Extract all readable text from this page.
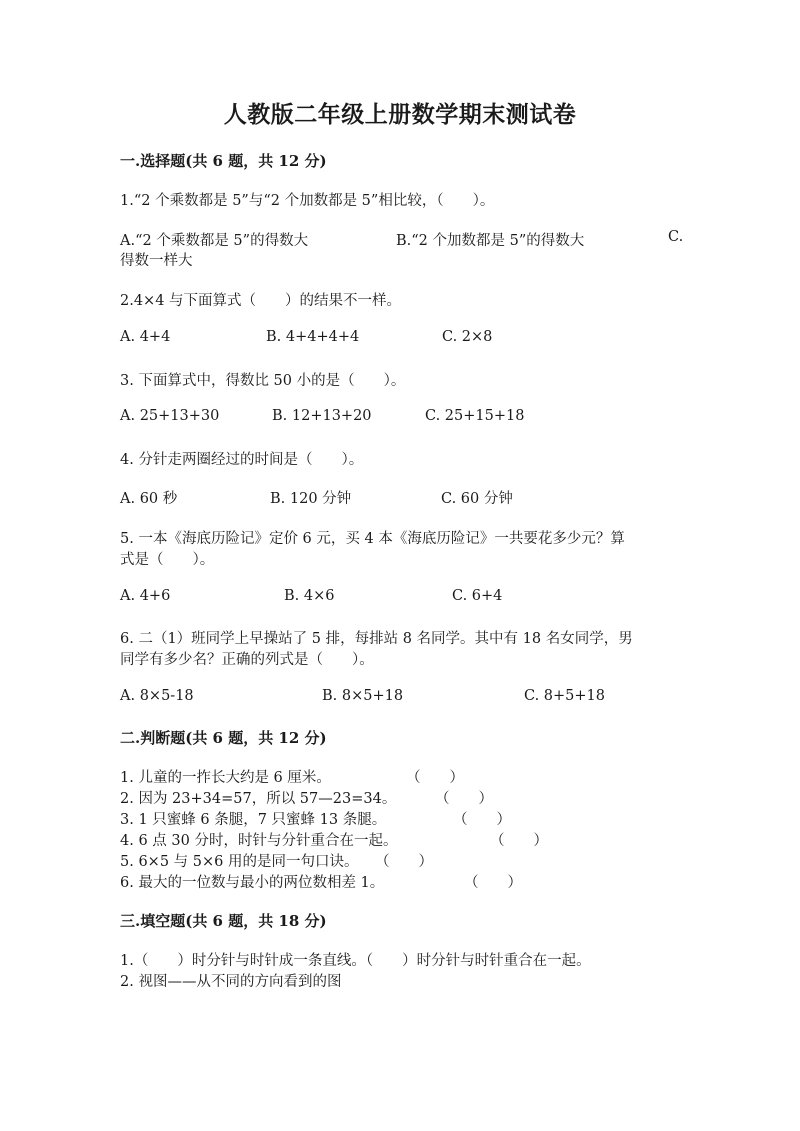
人教版二年级上册数学期末测试卷
一.选择题(共 6 题，共 12 分)
1.“2 个乘数都是 5”与“2 个加数都是 5”相比较，（　　）。
A.“2 个乘数都是 5”的得数大	B.“2 个加数都是 5”的得数大	C.
得数一样大
2.4×4 与下面算式（　　）的结果不一样。
A. 4+4	B. 4+4+4+4	C. 2×8
3. 下面算式中，得数比 50 小的是（　　）。
A. 25+13+30	B. 12+13+20	C. 25+15+18
4. 分针走两圈经过的时间是（　　）。
A. 60 秒	B. 120 分钟	C. 60 分钟
5. 一本《海底历险记》定价 6 元，买 4 本《海底历险记》一共要花多少元？算
式是（　　）。
A. 4+6	B. 4×6	C. 6+4
6. 二（1）班同学上早操站了 5 排，每排站 8 名同学。其中有 18 名女同学，男
同学有多少名？正确的列式是（　　）。
A. 8×5-18	B. 8×5+18	C. 8+5+18
二.判断题(共 6 题，共 12 分)
1. 儿童的一拃长大约是 6 厘米。	（　　）
2. 因为 23+34=57，所以 57—23=34。	（　　）
3. 1 只蜜蜂 6 条腿，7 只蜜蜂 13 条腿。	（　　）
4. 6 点 30 分时，时针与分针重合在一起。	（　　）
5. 6×5 与 5×6 用的是同一句口诀。 （　　）
6. 最大的一位数与最小的两位数相差 1。	（　　）
三.填空题(共 6 题，共 18 分)
1.（　　）时分针与时针成一条直线。（　　）时分针与时针重合在一起。
2. 视图——从不同的方向看到的图
